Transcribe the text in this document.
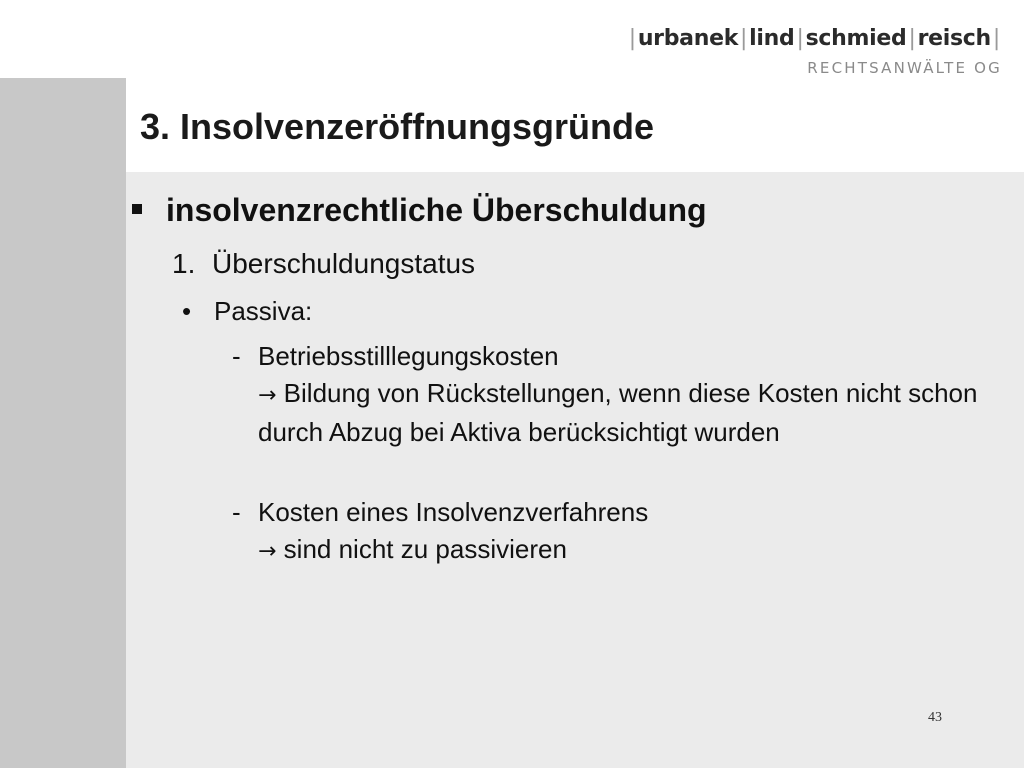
|urbanek|lind|schmied|reisch|
RECHTSANWÄLTE OG
3. Insolvenzeröffnungsgründe
insolvenzrechtliche Überschuldung
1. Überschuldungstatus
• Passiva:
- Betriebsstilllegungskosten
→ Bildung von Rückstellungen, wenn diese Kosten nicht schon durch Abzug bei Aktiva berücksichtigt wurden
- Kosten eines Insolvenzverfahrens
→ sind nicht zu passivieren
43
